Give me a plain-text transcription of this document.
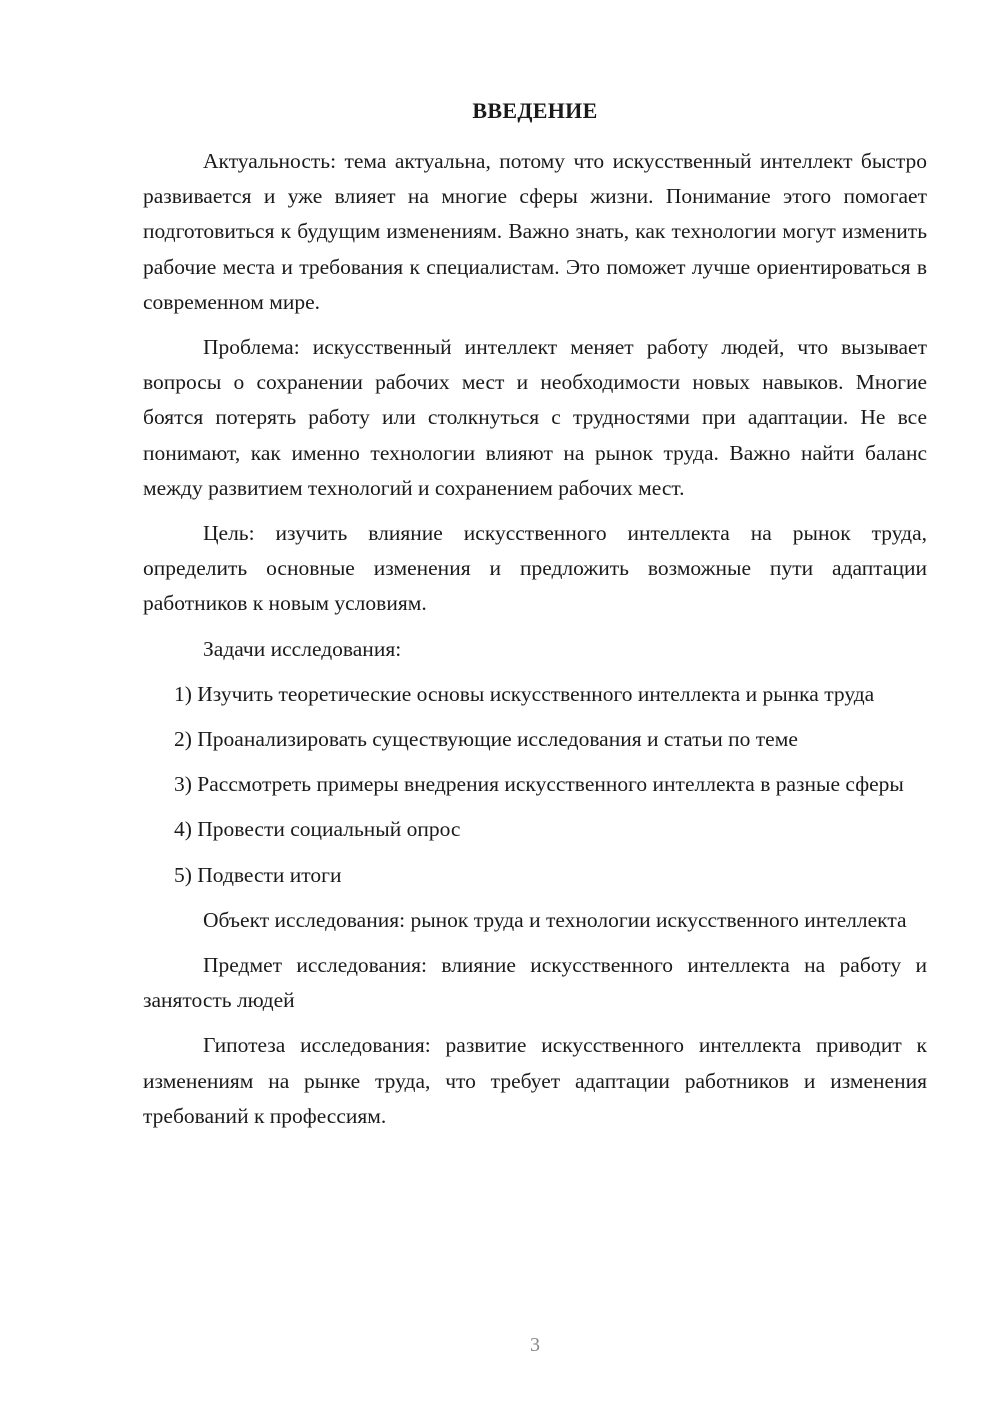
ВВЕДЕНИЕ

Актуальность: тема актуальна, потому что искусственный интеллект быстро развивается и уже влияет на многие сферы жизни. Понимание этого помогает подготовиться к будущим изменениям. Важно знать, как технологии могут изменить рабочие места и требования к специалистам. Это поможет лучше ориентироваться в современном мире.

Проблема: искусственный интеллект меняет работу людей, что вызывает вопросы о сохранении рабочих мест и необходимости новых навыков. Многие боятся потерять работу или столкнуться с трудностями при адаптации. Не все понимают, как именно технологии влияют на рынок труда. Важно найти баланс между развитием технологий и сохранением рабочих мест.

Цель: изучить влияние искусственного интеллекта на рынок труда, определить основные изменения и предложить возможные пути адаптации работников к новым условиям.

Задачи исследования:

1) Изучить теоретические основы искусственного интеллекта и рынка труда

2) Проанализировать существующие исследования и статьи по теме

3) Рассмотреть примеры внедрения искусственного интеллекта в разные сферы

4) Провести социальный опрос

5) Подвести итоги

Объект исследования: рынок труда и технологии искусственного интеллекта

Предмет исследования: влияние искусственного интеллекта на работу и занятость людей

Гипотеза исследования: развитие искусственного интеллекта приводит к изменениям на рынке труда, что требует адаптации работников и изменения требований к профессиям.

3
